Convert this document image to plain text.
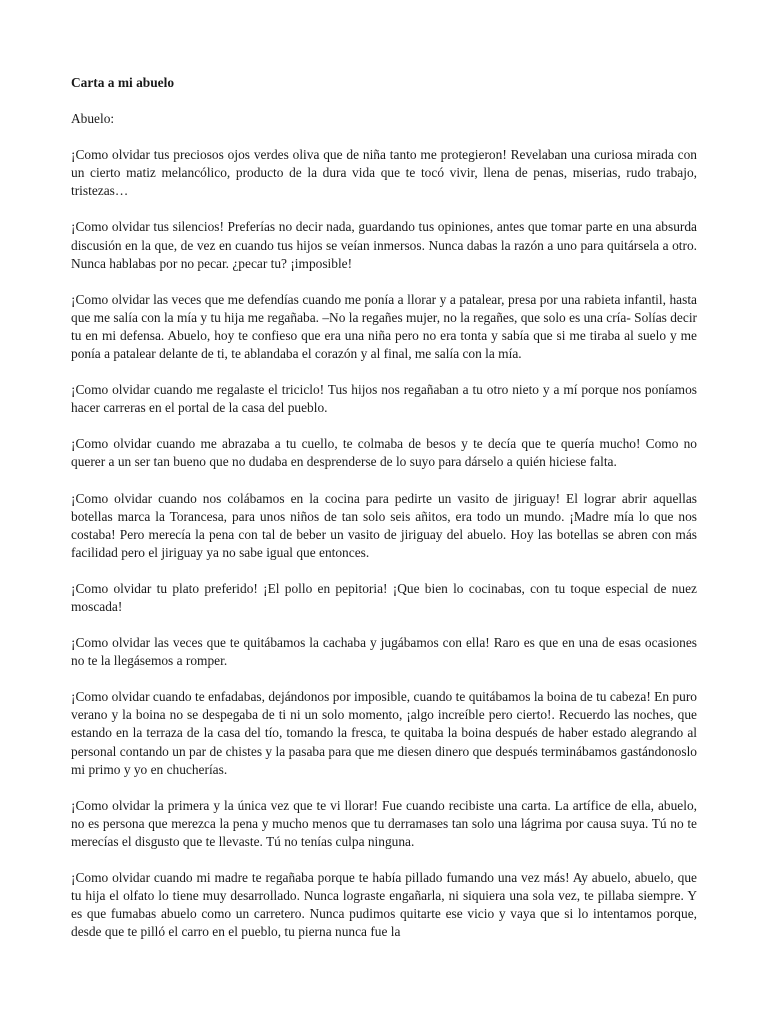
Carta a mi abuelo
Abuelo:
¡Como olvidar tus preciosos ojos verdes oliva que de niña tanto me protegieron! Revelaban una curiosa mirada con un cierto matiz melancólico, producto de la dura vida que te tocó vivir, llena de penas, miserias, rudo trabajo, tristezas…
¡Como olvidar tus silencios! Preferías no decir nada, guardando tus opiniones, antes que tomar parte en una absurda discusión en la que, de vez en cuando tus hijos se veían inmersos. Nunca dabas la razón a uno para quitársela a otro. Nunca hablabas por no pecar. ¿pecar tu? ¡imposible!
¡Como olvidar las veces que me defendías cuando me ponía a llorar y a patalear, presa por una rabieta infantil, hasta que me salía con la mía y tu hija me regañaba. –No la regañes mujer, no la regañes, que solo es una cría- Solías decir tu en mi defensa. Abuelo, hoy te confieso que era una niña pero no era tonta y sabía que si me tiraba al suelo y me ponía a patalear delante de ti, te ablandaba el corazón y al final, me salía con la mía.
¡Como olvidar cuando me regalaste el triciclo! Tus hijos nos regañaban a tu otro nieto y a mí porque nos poníamos hacer carreras en el portal de la casa del pueblo.
¡Como olvidar cuando me abrazaba a tu cuello, te colmaba de besos y te decía que te quería mucho! Como no querer a un ser tan bueno que no dudaba en desprenderse de lo suyo para dárselo a quién hiciese falta.
¡Como olvidar cuando nos colábamos en la cocina para pedirte un vasito de jiriguay! El lograr abrir aquellas botellas marca la Torancesa, para unos niños de tan solo seis añitos, era todo un mundo. ¡Madre mía lo que nos costaba! Pero merecía la pena con tal de beber un vasito de jiriguay del abuelo. Hoy las botellas se abren con más facilidad pero el jiriguay ya no sabe igual que entonces.
¡Como olvidar tu plato preferido! ¡El pollo en pepitoria! ¡Que bien lo cocinabas, con tu toque especial de nuez moscada!
¡Como olvidar las veces que te quitábamos la cachaba y jugábamos con ella! Raro es que en una de esas ocasiones no te la llegásemos a romper.
¡Como olvidar cuando te enfadabas, dejándonos por imposible, cuando te quitábamos la boina de tu cabeza! En puro verano y la boina no se despegaba de ti ni un solo momento, ¡algo increíble pero cierto!. Recuerdo las noches, que estando en la terraza de la casa del tío, tomando la fresca, te quitaba la boina después de haber estado alegrando al personal contando un par de chistes y la pasaba para que me diesen dinero que después terminábamos gastándonoslo mi primo y yo en chucherías.
¡Como olvidar la primera y la única vez que te vi llorar! Fue cuando recibiste una carta. La artífice de ella, abuelo, no es persona que merezca la pena y mucho menos que tu derramases tan solo una lágrima por causa suya. Tú no te merecías el disgusto que te llevaste. Tú no tenías culpa ninguna.
¡Como olvidar cuando mi madre te regañaba porque te había pillado fumando una vez más! Ay abuelo, abuelo, que tu hija el olfato lo tiene muy desarrollado. Nunca lograste engañarla, ni siquiera una sola vez, te pillaba siempre. Y es que fumabas abuelo como un carretero. Nunca pudimos quitarte ese vicio y vaya que si lo intentamos porque, desde que te pilló el carro en el pueblo, tu pierna nunca fue la
